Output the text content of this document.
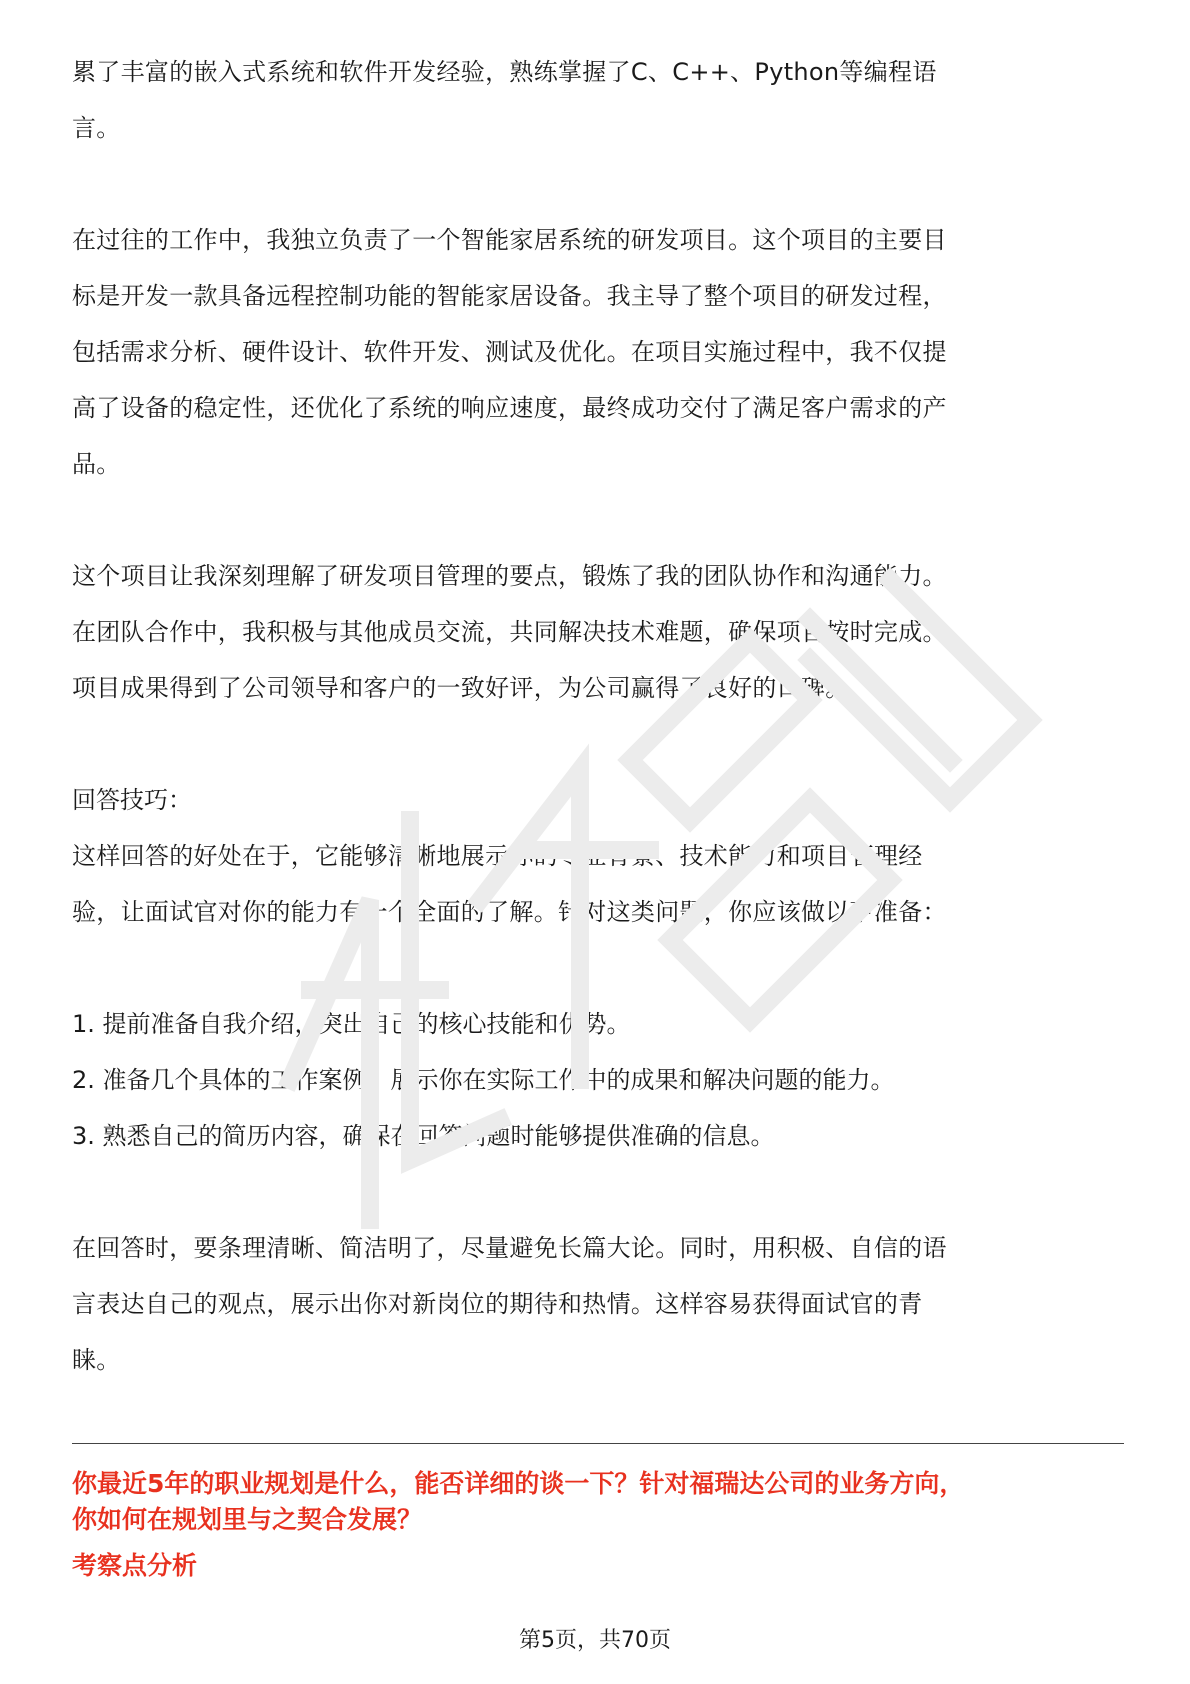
累了丰富的嵌入式系统和软件开发经验，熟练掌握了C、C++、Python等编程语
言。

在过往的工作中，我独立负责了一个智能家居系统的研发项目。这个项目的主要目
标是开发一款具备远程控制功能的智能家居设备。我主导了整个项目的研发过程，
包括需求分析、硬件设计、软件开发、测试及优化。在项目实施过程中，我不仅提
高了设备的稳定性，还优化了系统的响应速度，最终成功交付了满足客户需求的产
品。

这个项目让我深刻理解了研发项目管理的要点，锻炼了我的团队协作和沟通能力。
在团队合作中，我积极与其他成员交流，共同解决技术难题，确保项目按时完成。
项目成果得到了公司领导和客户的一致好评，为公司赢得了良好的口碑。

回答技巧：

这样回答的好处在于，它能够清晰地展示你的专业背景、技术能力和项目管理经
验，让面试官对你的能力有一个全面的了解。针对这类问题，你应该做以下准备：

1. 提前准备自我介绍，突出自己的核心技能和优势。
2. 准备几个具体的工作案例，展示你在实际工作中的成果和解决问题的能力。
3. 熟悉自己的简历内容，确保在回答问题时能够提供准确的信息。

在回答时，要条理清晰、简洁明了，尽量避免长篇大论。同时，用积极、自信的语
言表达自己的观点，展示出你对新岗位的期待和热情。这样容易获得面试官的青
睐。

你最近5年的职业规划是什么，能否详细的谈一下？针对福瑞达公司的业务方向，
你如何在规划里与之契合发展？
考察点分析
第5页，共70页
